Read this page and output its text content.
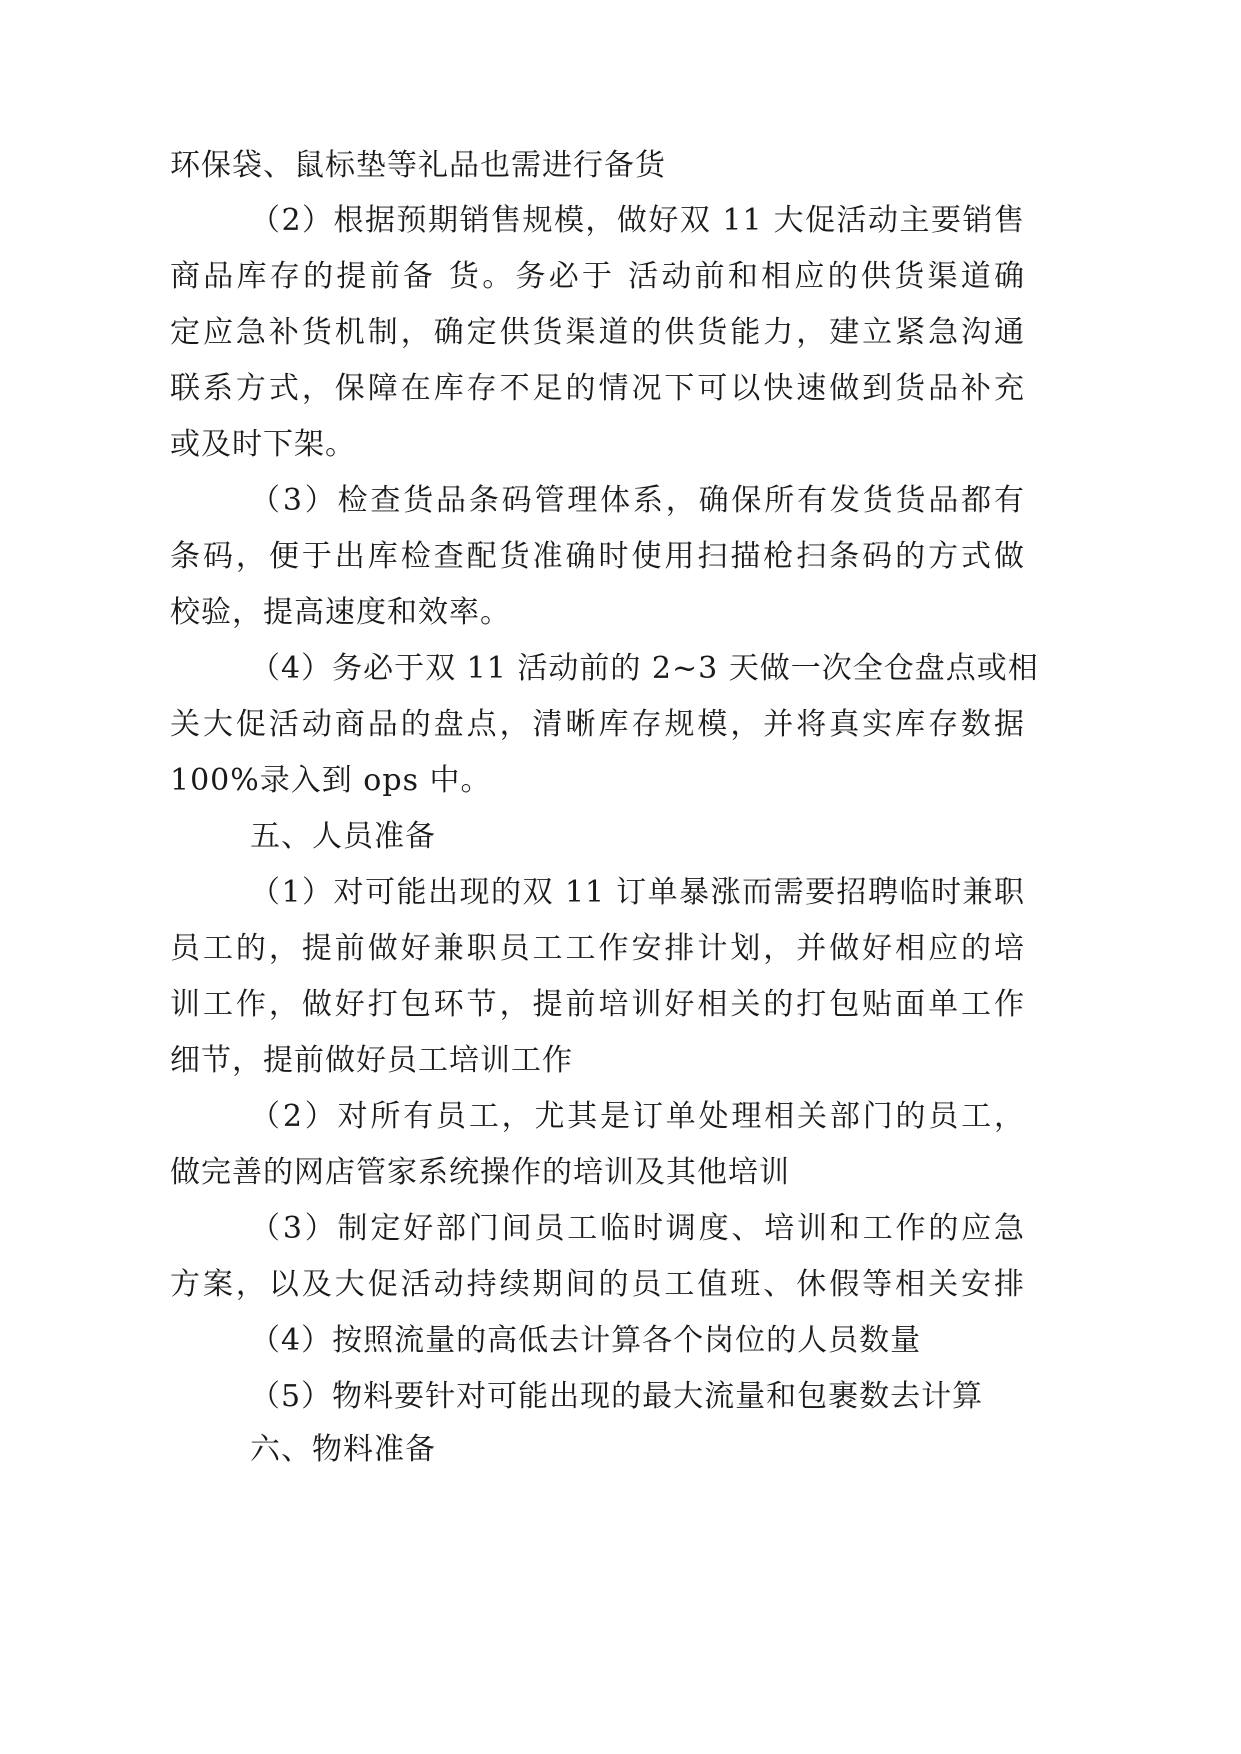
环保袋、鼠标垫等礼品也需进行备货
（2）根据预期销售规模，做好双 11 大促活动主要销售
商品库存的提前备 货。务必于 活动前和相应的供货渠道确
定应急补货机制，确定供货渠道的供货能力，建立紧急沟通
联系方式，保障在库存不足的情况下可以快速做到货品补充
或及时下架。
（3）检查货品条码管理体系，确保所有发货货品都有
条码，便于出库检查配货准确时使用扫描枪扫条码的方式做
校验，提高速度和效率。
（4）务必于双 11 活动前的 2~3 天做一次全仓盘点或相
关大促活动商品的盘点，清晰库存规模，并将真实库存数据
100%录入到 ops 中。
五、人员准备
（1）对可能出现的双 11 订单暴涨而需要招聘临时兼职
员工的，提前做好兼职员工工作安排计划，并做好相应的培
训工作，做好打包环节，提前培训好相关的打包贴面单工作
细节，提前做好员工培训工作
（2）对所有员工，尤其是订单处理相关部门的员工，
做完善的网店管家系统操作的培训及其他培训
（3）制定好部门间员工临时调度、培训和工作的应急
方案，以及大促活动持续期间的员工值班、休假等相关安排
（4）按照流量的高低去计算各个岗位的人员数量
（5）物料要针对可能出现的最大流量和包裹数去计算
六、物料准备
